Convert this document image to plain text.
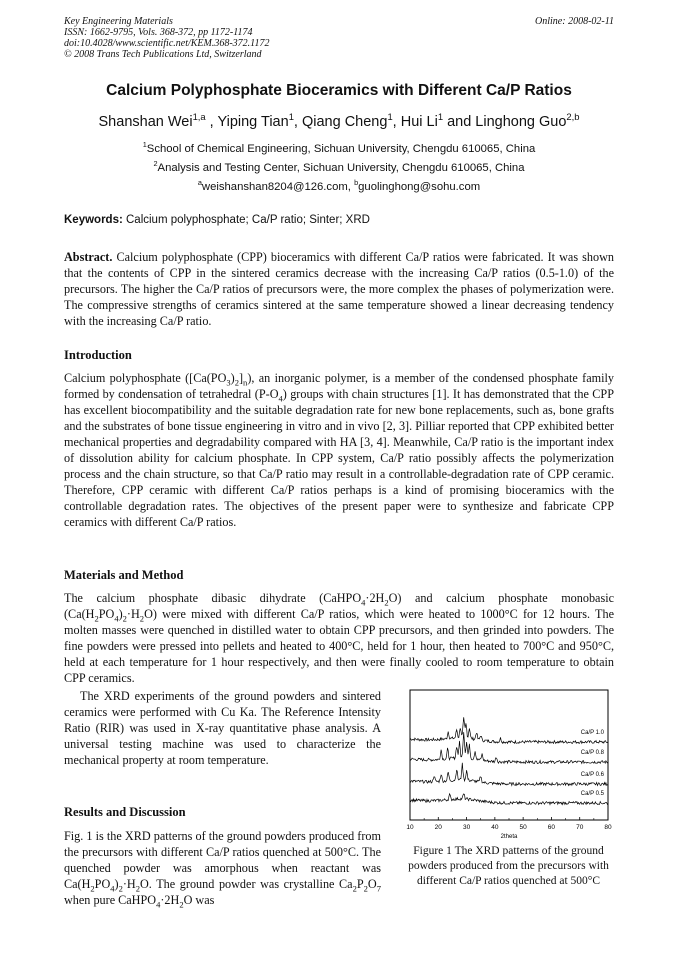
Key Engineering Materials
ISSN: 1662-9795, Vols. 368-372, pp 1172-1174
doi:10.4028/www.scientific.net/KEM.368-372.1172
© 2008 Trans Tech Publications Ltd, Switzerland
Online: 2008-02-11
Calcium Polyphosphate Bioceramics with Different Ca/P Ratios
Shanshan Wei$^{1,a}$ , Yiping Tian$^1$, Qiang Cheng$^1$, Hui Li$^1$ and Linghong Guo$^{2,b}$
$^1$School of Chemical Engineering, Sichuan University, Chengdu 610065, China
$^2$Analysis and Testing Center, Sichuan University, Chengdu 610065, China
$^a$weishanshan8204@126.com, $^b$guolinghong@sohu.com
Keywords: Calcium polyphosphate; Ca/P ratio; Sinter; XRD
Abstract. Calcium polyphosphate (CPP) bioceramics with different Ca/P ratios were fabricated. It was shown that the contents of CPP in the sintered ceramics decrease with the increasing Ca/P ratios (0.5-1.0) of the precursors. The higher the Ca/P ratios of precursors were, the more complex the phases of polymerization were. The compressive strengths of ceramics sintered at the same temperature showed a linear decreasing tendency with the increasing Ca/P ratio.
Introduction
Calcium polyphosphate $([Ca(PO_3)_2]_n)$, an inorganic polymer, is a member of the condensed phosphate family formed by condensation of tetrahedral $(P-O_4)$ groups with chain structures [1]. It has demonstrated that the CPP has excellent biocompatibility and the suitable degradation rate for new bone replacements, such as, bone grafts and the substrates of bone tissue engineering in vitro and in vivo [2, 3]. Pilliar reported that CPP exhibited better mechanical properties and degradability compared with HA [3, 4]. Meanwhile, Ca/P ratio is the important index of dissolution ability for calcium phosphate. In CPP system, Ca/P ratio possibly affects the polymerization process and the chain structure, so that Ca/P ratio may result in a controllable-degradation rate of CPP ceramic. Therefore, CPP ceramic with different Ca/P ratios perhaps is a kind of promising bioceramics with the controllable degradation rates. The objectives of the present paper were to synthesize and fabricate CPP ceramics with different Ca/P ratios.
Materials and Method
The calcium phosphate dibasic dihydrate $(CaHPO_4\cdot 2H_2O)$ and calcium phosphate monobasic $(Ca(H_2PO_4)_2\cdot H_2O)$ were mixed with different Ca/P ratios, which were heated to 1000°C for 12 hours. The molten masses were quenched in distilled water to obtain CPP precursors, and then grinded into powders. The fine powders were pressed into pellets and heated to 400°C, held for 1 hour, then heated to 700°C and 950°C, held at each temperature for 1 hour respectively, and then were finally cooled to room temperature to obtain CPP ceramics.
The XRD experiments of the ground powders and sintered ceramics were performed with Cu Ka. The Reference Intensity Ratio (RIR) was used in X-ray quantitative phase analysis. A universal testing machine was used to characterize the mechanical property at room temperature.
Results and Discussion
Fig. 1 is the XRD patterns of the ground powders produced from the precursors with different Ca/P ratios quenched at 500°C. The quenched powder was amorphous when reactant was $Ca(H_2PO_4)_2\cdot H_2O$. The ground powder was crystalline $Ca_2P_2O_7$ when pure $CaHPO_4\cdot 2H_2O$ was
10	20	30	40	50	60	70	80
2theta
Ca/P 1.0
Ca/P 0.8
Ca/P 0.6
Ca/P 0.5
Figure 1 The XRD patterns of the ground powders produced from the precursors with different Ca/P ratios quenched at 500°C
